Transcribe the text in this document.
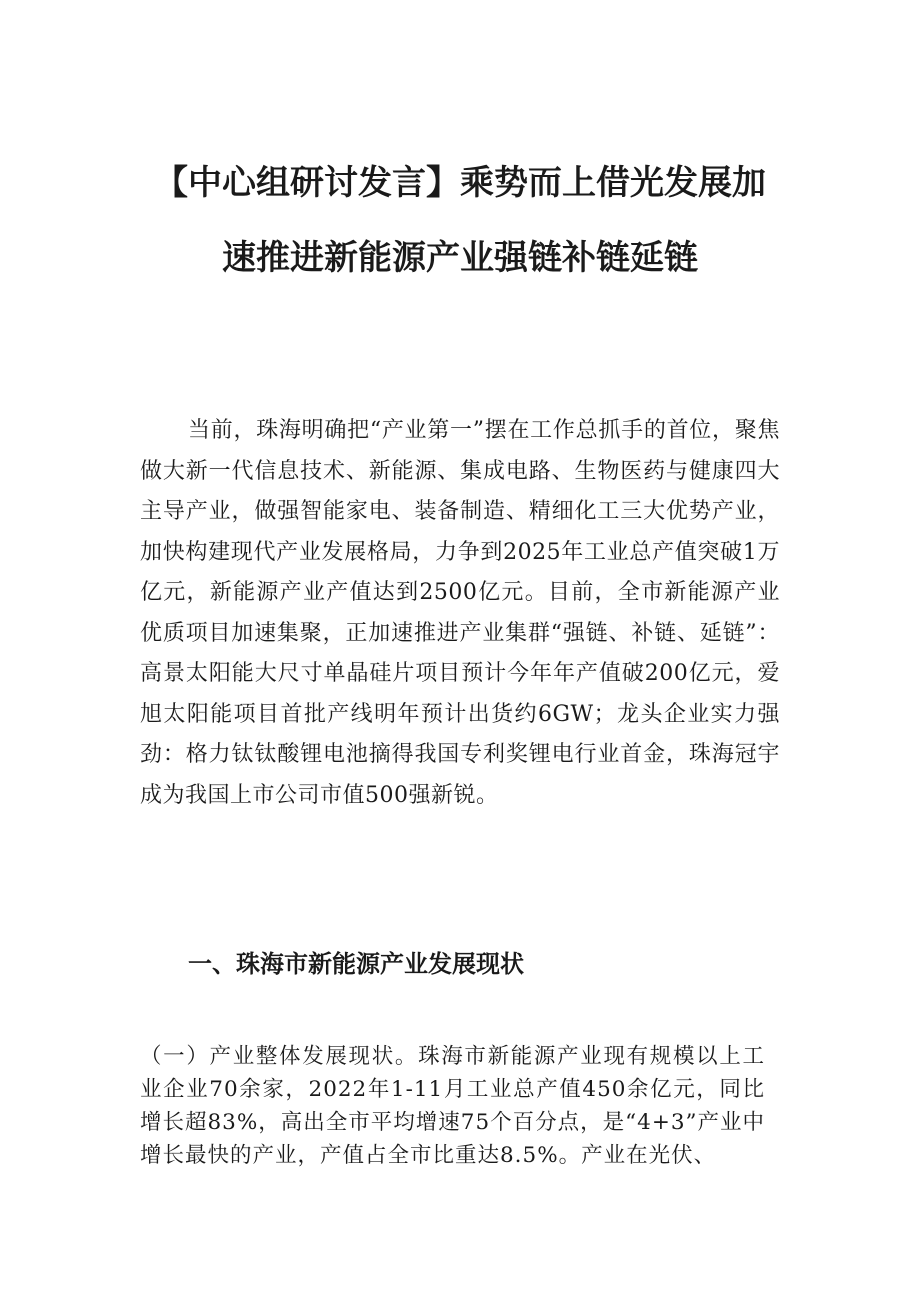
【中心组研讨发言】乘势而上借光发展加
速推进新能源产业强链补链延链

当前，珠海明确把“产业第一”摆在工作总抓手的首位，聚焦做大新一代信息技术、新能源、集成电路、生物医药与健康四大主导产业，做强智能家电、装备制造、精细化工三大优势产业，加快构建现代产业发展格局，力争到2025年工业总产值突破1万亿元，新能源产业产值达到2500亿元。目前，全市新能源产业优质项目加速集聚，正加速推进产业集群“强链、补链、延链”：高景太阳能大尺寸单晶硅片项目预计今年年产值破200亿元，爱旭太阳能项目首批产线明年预计出货约6GW；龙头企业实力强劲：格力钛钛酸锂电池摘得我国专利奖锂电行业首金，珠海冠宇成为我国上市公司市值500强新锐。

一、珠海市新能源产业发展现状

（一）产业整体发展现状。珠海市新能源产业现有规模以上工业企业70余家，2022年1-11月工业总产值450余亿元，同比增长超83%，高出全市平均增速75个百分点，是“4+3”产业中增长最快的产业，产值占全市比重达8.5%。产业在光伏、
